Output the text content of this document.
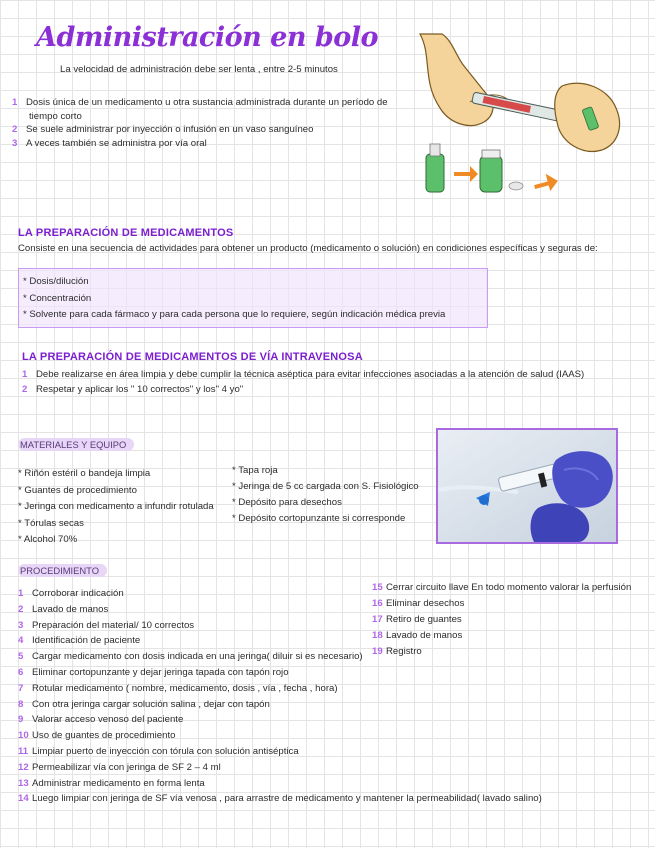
Administración en bolo
La velocidad de administración debe ser lenta , entre 2-5 minutos
1 Dosis única de un medicamento u otra sustancia administrada durante un período de
tiempo corto
2 Se suele administrar por inyección o infusión en un vaso sanguíneo
3 A veces también se administra por vía oral
LA PREPARACIÓN DE MEDICAMENTOS
Consiste en una secuencia de actividades para obtener un producto (medicamento o solución) en condiciones específicas y seguras de:
* Dosis/dilución
* Concentración
* Solvente para cada fármaco y para cada persona que lo requiere, según indicación médica previa
LA PREPARACIÓN DE MEDICAMENTOS DE VÍA INTRAVENOSA
1 Debe realizarse en área limpia y debe cumplir la técnica aséptica para evitar infecciones asociadas a la atención de salud (IAAS)
2 Respetar y aplicar los " 10 correctos" y los" 4 yo"
MATERIALES Y EQUIPO
* Riñón estéril o bandeja limpia
* Guantes de procedimiento
* Jeringa con medicamento a infundir rotulada
* Tórulas secas
* Alcohol 70%
* Tapa roja
* Jeringa de 5 cc cargada con S. Fisiológico
* Depósito para desechos
* Depósito cortopunzante si corresponde
PROCEDIMIENTO
1 Corroborar indicación
2 Lavado de manos
3 Preparación del material/ 10 correctos
4 Identificación de paciente
5 Cargar medicamento con dosis indicada en una jeringa( diluir si es necesario)
6 Eliminar cortopunzante y dejar jeringa tapada con tapón rojo
7 Rotular medicamento ( nombre, medicamento, dosis , vía , fecha , hora)
8 Con otra jeringa cargar solución salina , dejar con tapón
9 Valorar acceso venoso del paciente
10 Uso de guantes de procedimiento
11 Limpiar puerto de inyección con tórula con solución antiséptica
12 Permeabilizar vía con jeringa de SF 2 – 4 ml
13 Administrar medicamento en forma lenta
14 Luego limpiar con jeringa de SF vía venosa , para arrastre de medicamento y mantener la permeabilidad( lavado salino)
15 Cerrar circuito llave En todo momento valorar la perfusión
16 Eliminar desechos
17 Retiro de guantes
18 Lavado de manos
19 Registro
